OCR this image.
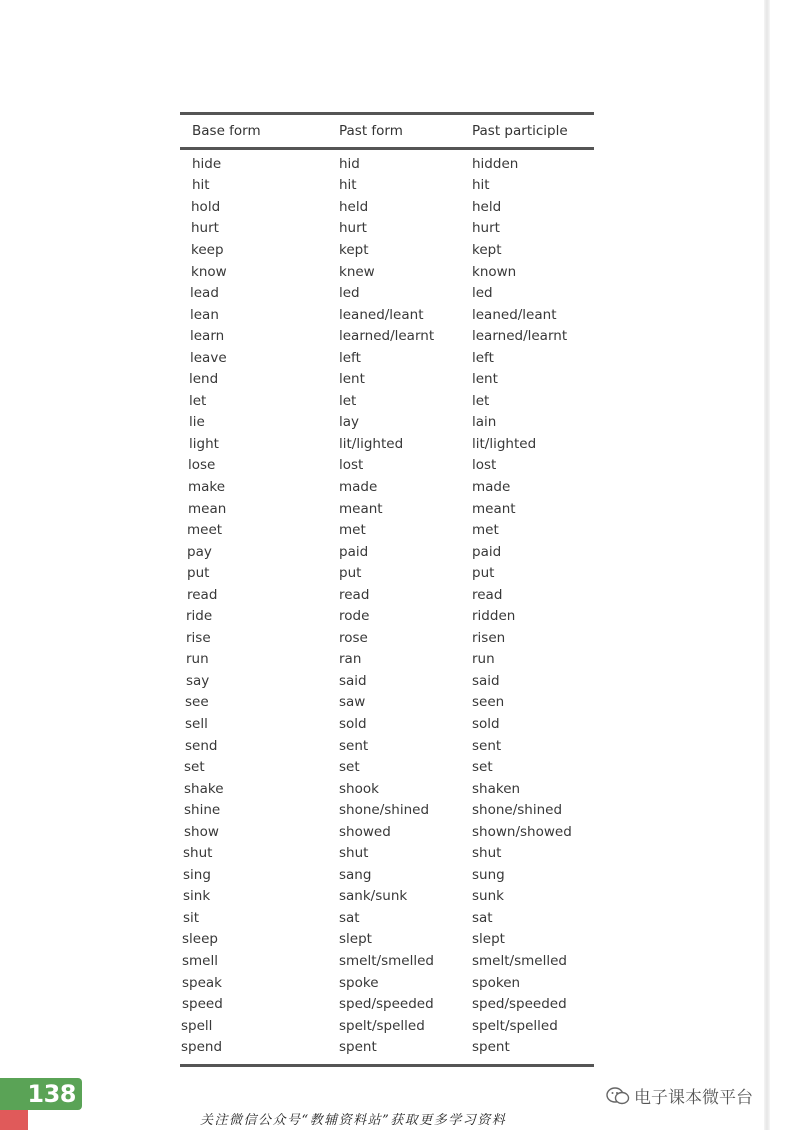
Base form	Past form	Past participle
hide	hid	hidden
hit	hit	hit
hold	held	held
hurt	hurt	hurt
keep	kept	kept
know	knew	known
lead	led	led
lean	leaned/leant	leaned/leant
learn	learned/learnt	learned/learnt
leave	left	left
lend	lent	lent
let	let	let
lie	lay	lain
light	lit/lighted	lit/lighted
lose	lost	lost
make	made	made
mean	meant	meant
meet	met	met
pay	paid	paid
put	put	put
read	read	read
ride	rode	ridden
rise	rose	risen
run	ran	run
say	said	said
see	saw	seen
sell	sold	sold
send	sent	sent
set	set	set
shake	shook	shaken
shine	shone/shined	shone/shined
show	showed	shown/showed
shut	shut	shut
sing	sang	sung
sink	sank/sunk	sunk
sit	sat	sat
sleep	slept	slept
smell	smelt/smelled	smelt/smelled
speak	spoke	spoken
speed	sped/speeded	sped/speeded
spell	spelt/spelled	spelt/spelled
spend	spent	spent
138	电子课本微平台
关注微信公众号“教辅资料站”获取更多学习资料
